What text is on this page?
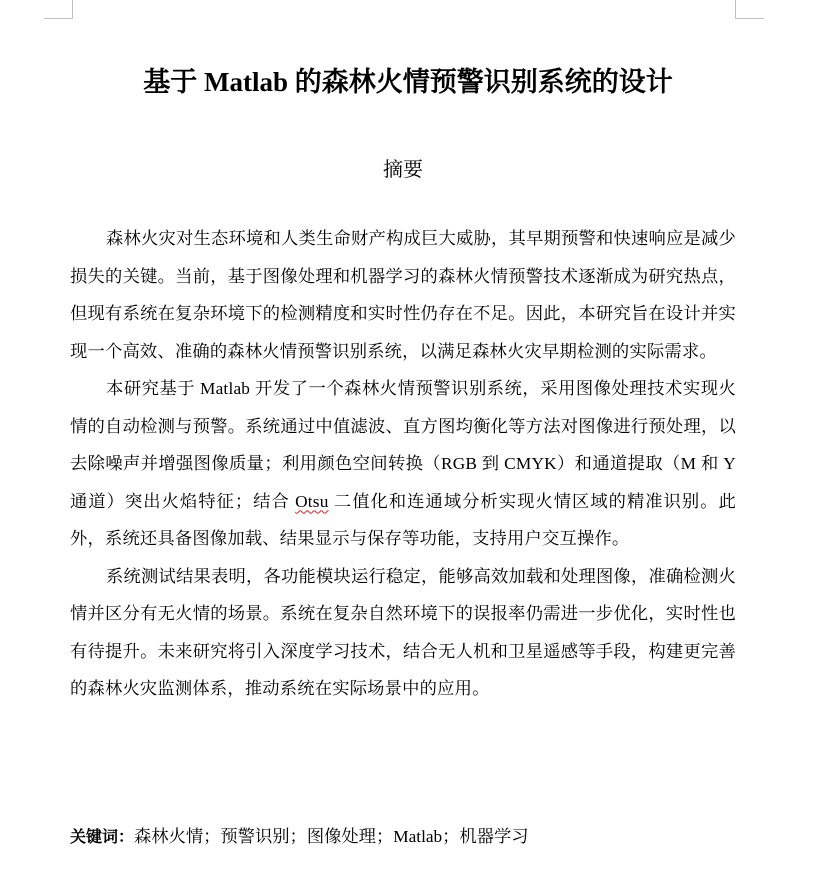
基于 Matlab 的森林火情预警识别系统的设计
摘要

森林火灾对生态环境和人类生命财产构成巨大威胁，其早期预警和快速响应是减少损失的关键。当前，基于图像处理和机器学习的森林火情预警技术逐渐成为研究热点，但现有系统在复杂环境下的检测精度和实时性仍存在不足。因此，本研究旨在设计并实现一个高效、准确的森林火情预警识别系统，以满足森林火灾早期检测的实际需求。

本研究基于 Matlab 开发了一个森林火情预警识别系统，采用图像处理技术实现火情的自动检测与预警。系统通过中值滤波、直方图均衡化等方法对图像进行预处理，以去除噪声并增强图像质量；利用颜色空间转换（RGB 到 CMYK）和通道提取（M 和 Y 通道）突出火焰特征；结合 Otsu 二值化和连通域分析实现火情区域的精准识别。此外，系统还具备图像加载、结果显示与保存等功能，支持用户交互操作。

系统测试结果表明，各功能模块运行稳定，能够高效加载和处理图像，准确检测火情并区分有无火情的场景。系统在复杂自然环境下的误报率仍需进一步优化，实时性也有待提升。未来研究将引入深度学习技术，结合无人机和卫星遥感等手段，构建更完善的森林火灾监测体系，推动系统在实际场景中的应用。

关键词：森林火情；预警识别；图像处理；Matlab；机器学习
